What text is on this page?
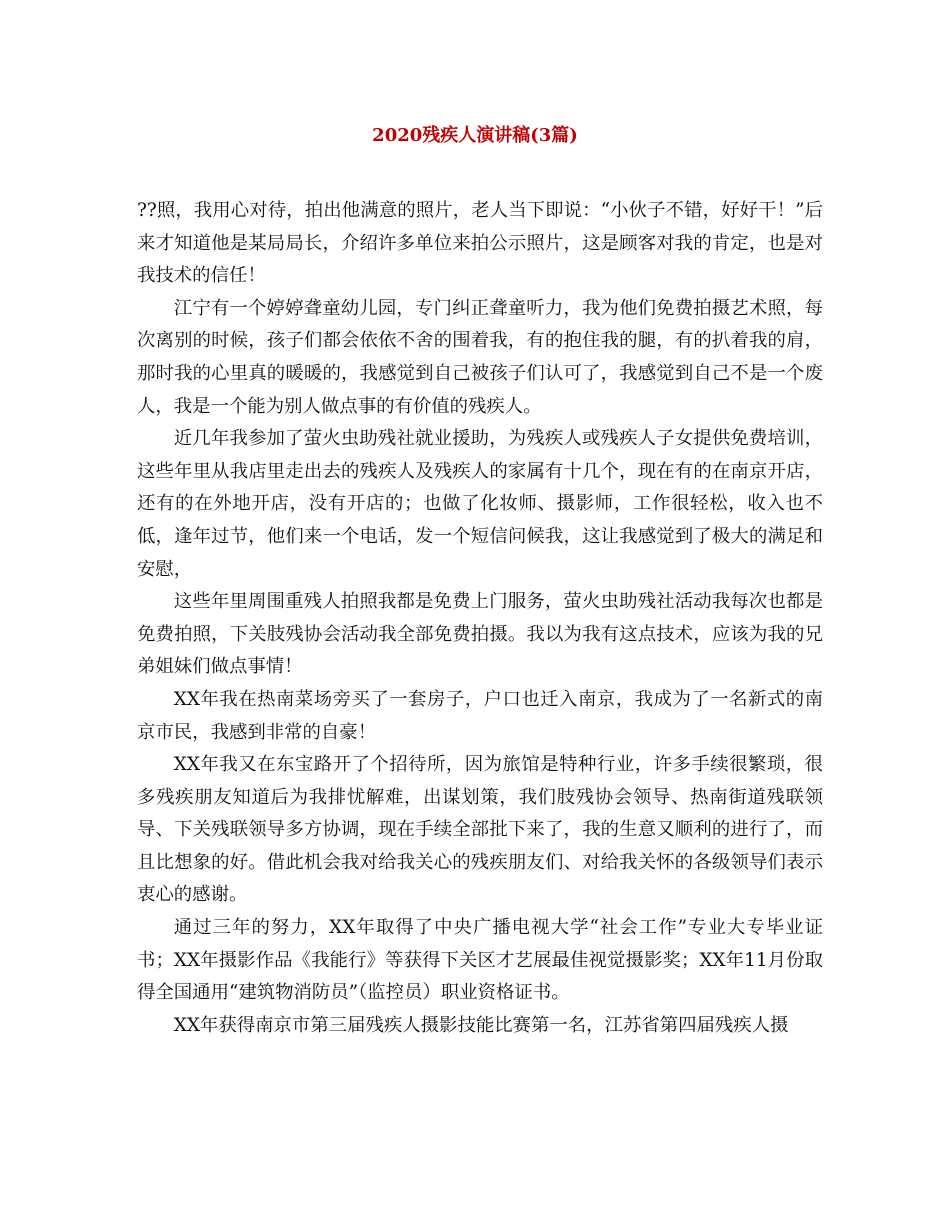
2020残疾人演讲稿(3篇)

??照，我用心对待，拍出他满意的照片，老人当下即说：“小伙子不错，好好干！”后来才知道他是某局局长，介绍许多单位来拍公示照片，这是顾客对我的肯定，也是对我技术的信任！

江宁有一个婷婷聋童幼儿园，专门纠正聋童听力，我为他们免费拍摄艺术照，每次离别的时候，孩子们都会依依不舍的围着我，有的抱住我的腿，有的扒着我的肩，那时我的心里真的暖暖的，我感觉到自己被孩子们认可了，我感觉到自己不是一个废人，我是一个能为别人做点事的有价值的残疾人。

近几年我参加了萤火虫助残社就业援助，为残疾人或残疾人子女提供免费培训，这些年里从我店里走出去的残疾人及残疾人的家属有十几个，现在有的在南京开店，还有的在外地开店，没有开店的；也做了化妆师、摄影师，工作很轻松，收入也不低，逢年过节，他们来一个电话，发一个短信问候我，这让我感觉到了极大的满足和安慰，

这些年里周围重残人拍照我都是免费上门服务，萤火虫助残社活动我每次也都是免费拍照，下关肢残协会活动我全部免费拍摄。我以为我有这点技术，应该为我的兄弟姐妹们做点事情！

XX年我在热南菜场旁买了一套房子，户口也迁入南京，我成为了一名新式的南京市民，我感到非常的自豪！

XX年我又在东宝路开了个招待所，因为旅馆是特种行业，许多手续很繁琐，很多残疾朋友知道后为我排忧解难，出谋划策，我们肢残协会领导、热南街道残联领导、下关残联领导多方协调，现在手续全部批下来了，我的生意又顺利的进行了，而且比想象的好。借此机会我对给我关心的残疾朋友们、对给我关怀的各级领导们表示衷心的感谢。

通过三年的努力，XX年取得了中央广播电视大学“社会工作”专业大专毕业证书；XX年摄影作品《我能行》等获得下关区才艺展最佳视觉摄影奖；XX年11月份取得全国通用“建筑物消防员”（监控员）职业资格证书。

XX年获得南京市第三届残疾人摄影技能比赛第一名，江苏省第四届残疾人摄
